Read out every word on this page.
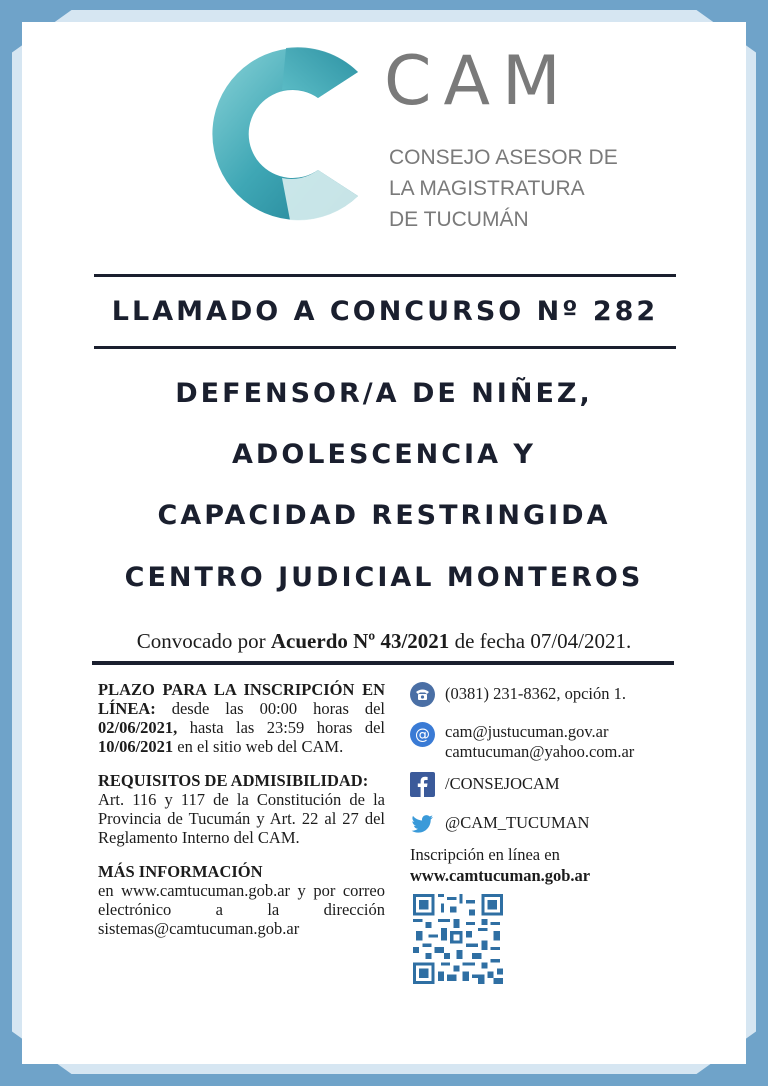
CAM
CONSEJO ASESOR DE
LA MAGISTRATURA
DE TUCUMÁN
LLAMADO A CONCURSO Nº 282
DEFENSOR/A DE NIÑEZ,
ADOLESCENCIA Y
CAPACIDAD RESTRINGIDA
CENTRO JUDICIAL MONTEROS
Convocado por Acuerdo Nº 43/2021 de fecha 07/04/2021.
PLAZO PARA LA INSCRIPCIÓN EN LÍNEA: desde las 00:00 horas del 02/06/2021, hasta las 23:59 horas del 10/06/2021 en el sitio web del CAM.
REQUISITOS DE ADMISIBILIDAD:
Art. 116 y 117 de la Constitución de la Provincia de Tucumán y Art. 22 al 27 del Reglamento Interno del CAM.
MÁS INFORMACIÓN
en www.camtucuman.gob.ar y por correo electrónico a la dirección sistemas@camtucuman.gob.ar
(0381) 231-8362, opción 1.
@ cam@justucuman.gov.ar
camtucuman@yahoo.com.ar
/CONSEJOCAM
@CAM_TUCUMAN
Inscripción en línea en
www.camtucuman.gob.ar
